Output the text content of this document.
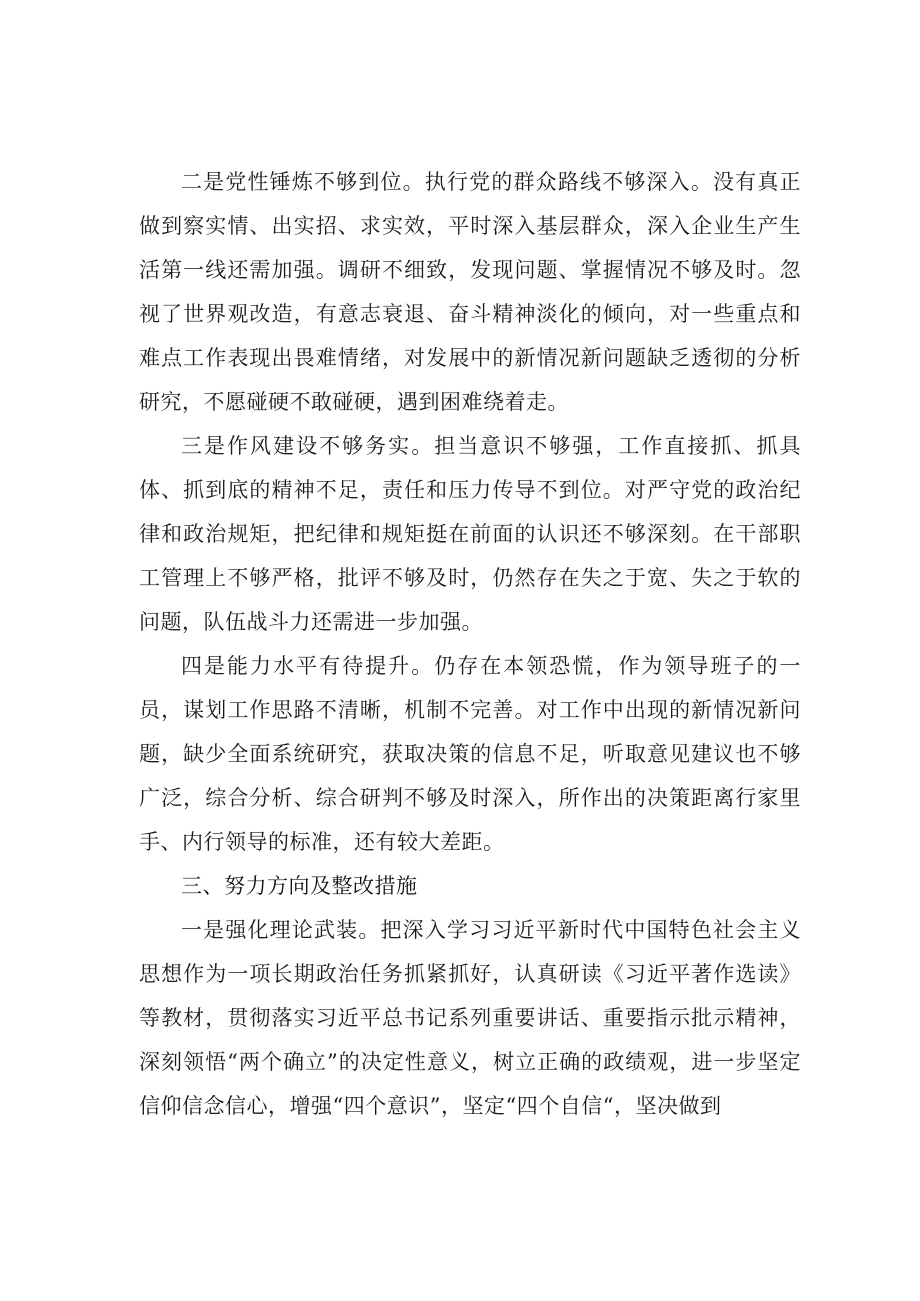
二是党性锤炼不够到位。执行党的群众路线不够深入。没有真正做到察实情、出实招、求实效，平时深入基层群众，深入企业生产生活第一线还需加强。调研不细致，发现问题、掌握情况不够及时。忽视了世界观改造，有意志衰退、奋斗精神淡化的倾向，对一些重点和难点工作表现出畏难情绪，对发展中的新情况新问题缺乏透彻的分析研究，不愿碰硬不敢碰硬，遇到困难绕着走。

三是作风建设不够务实。担当意识不够强，工作直接抓、抓具体、抓到底的精神不足，责任和压力传导不到位。对严守党的政治纪律和政治规矩，把纪律和规矩挺在前面的认识还不够深刻。在干部职工管理上不够严格，批评不够及时，仍然存在失之于宽、失之于软的问题，队伍战斗力还需进一步加强。

四是能力水平有待提升。仍存在本领恐慌，作为领导班子的一员，谋划工作思路不清晰，机制不完善。对工作中出现的新情况新问题，缺少全面系统研究，获取决策的信息不足，听取意见建议也不够广泛，综合分析、综合研判不够及时深入，所作出的决策距离行家里手、内行领导的标准，还有较大差距。

三、努力方向及整改措施

一是强化理论武装。把深入学习习近平新时代中国特色社会主义思想作为一项长期政治任务抓紧抓好，认真研读《习近平著作选读》等教材，贯彻落实习近平总书记系列重要讲话、重要指示批示精神，深刻领悟“两个确立”的决定性意义，树立正确的政绩观，进一步坚定信仰信念信心，增强“四个意识”，坚定“四个自信“，坚决做到
